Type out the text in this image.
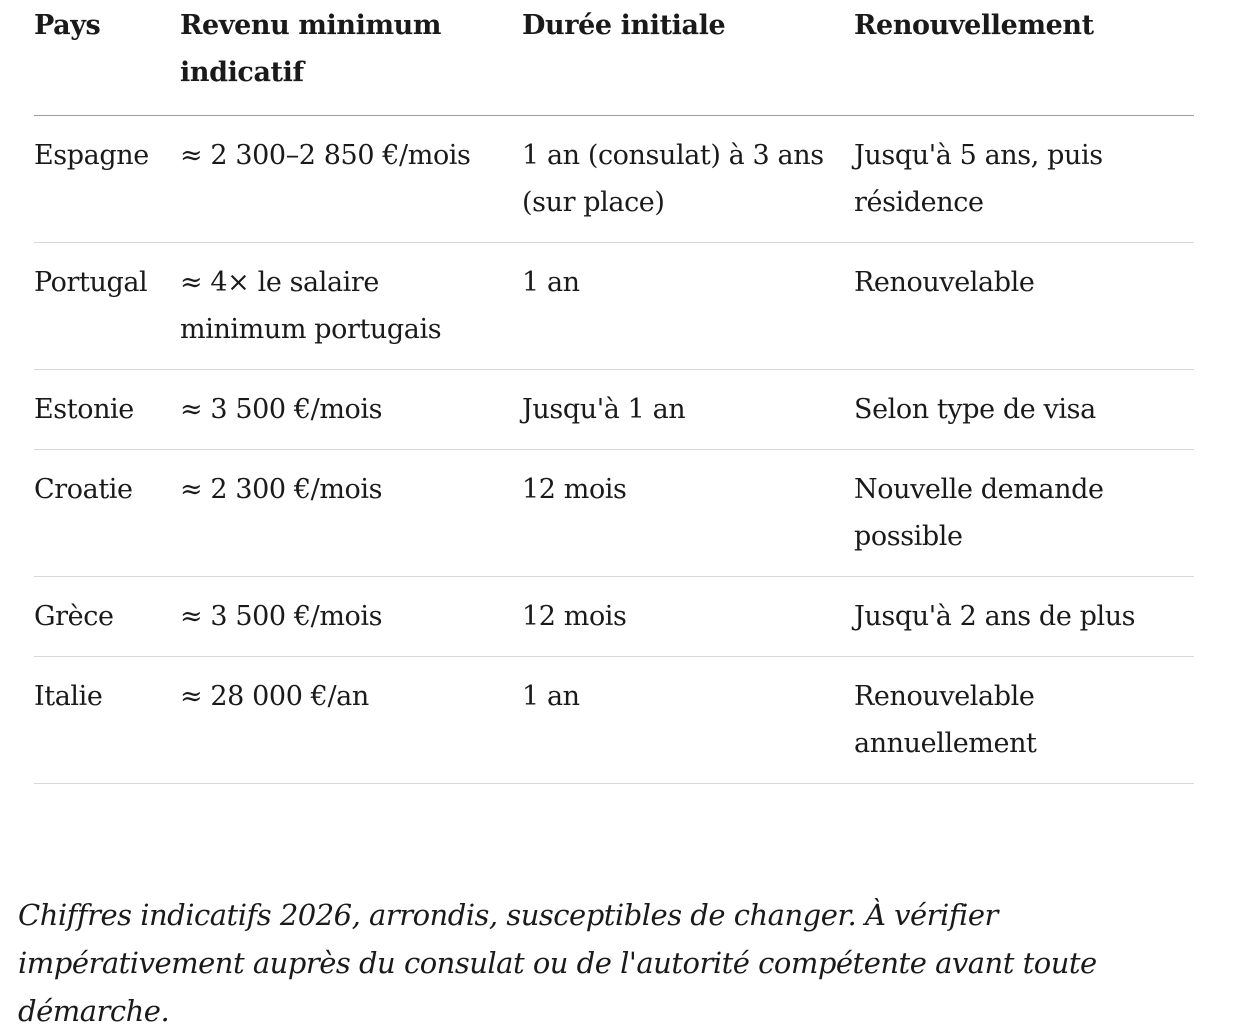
Pays	Revenu minimum indicatif	Durée initiale	Renouvellement

Espagne	≈ 2 300–2 850 €/mois	1 an (consulat) à 3 ans (sur place)	Jusqu'à 5 ans, puis résidence

Portugal	≈ 4× le salaire minimum portugais	1 an	Renouvelable

Estonie	≈ 3 500 €/mois	Jusqu'à 1 an	Selon type de visa

Croatie	≈ 2 300 €/mois	12 mois	Nouvelle demande possible

Grèce	≈ 3 500 €/mois	12 mois	Jusqu'à 2 ans de plus

Italie	≈ 28 000 €/an	1 an	Renouvelable annuellement

Chiffres indicatifs 2026, arrondis, susceptibles de changer. À vérifier impérativement auprès du consulat ou de l'autorité compétente avant toute démarche.
